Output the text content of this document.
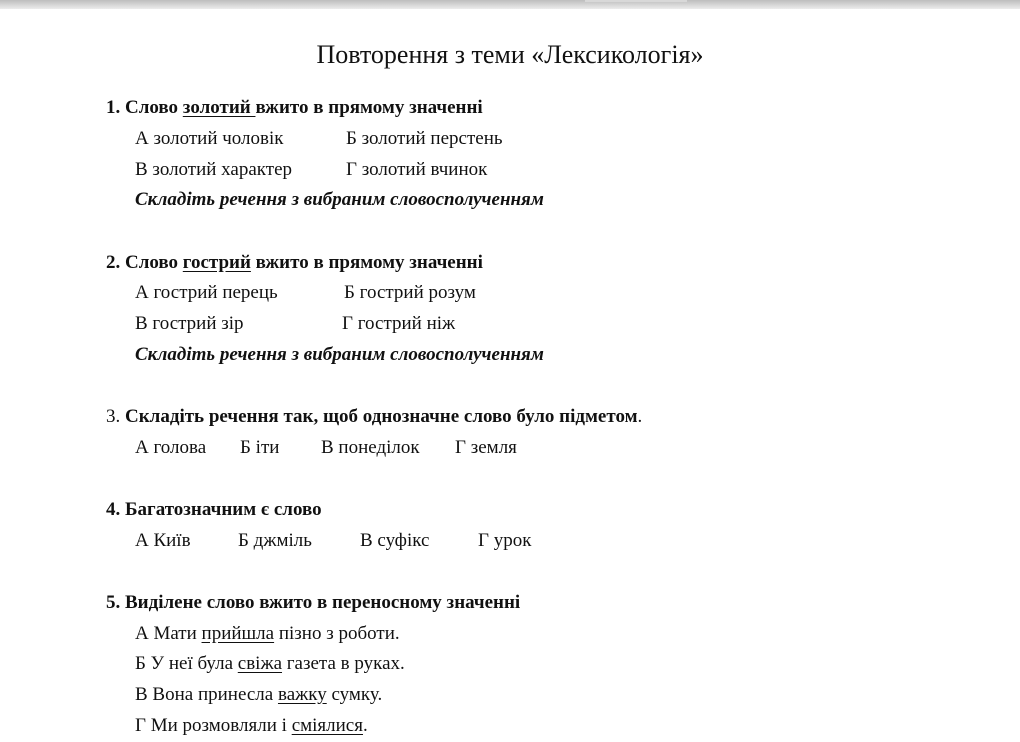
Повторення з теми «Лексикологія»
1. Слово золотий вжито в прямому значенні
А золотий чоловік	Б золотий перстень
В золотий характер	Г золотий вчинок
Складіть речення з вибраним словосполученням
2. Слово гострий вжито в прямому значенні
А гострий перець	Б гострий розум
В гострий зір	Г гострий ніж
Складіть речення з вибраним словосполученням
3. Складіть речення так, щоб однозначне слово було підметом.
А голова Б іти В понеділок Г земля
4. Багатозначним є слово
А Київ Б джміль	В суфікс	Г урок
5. Виділене слово вжито в переносному значенні
А Мати прийшла пізно з роботи.
Б У неї була свіжа газета в руках.
В Вона принесла важку сумку.
Г Ми розмовляли і сміялися.
